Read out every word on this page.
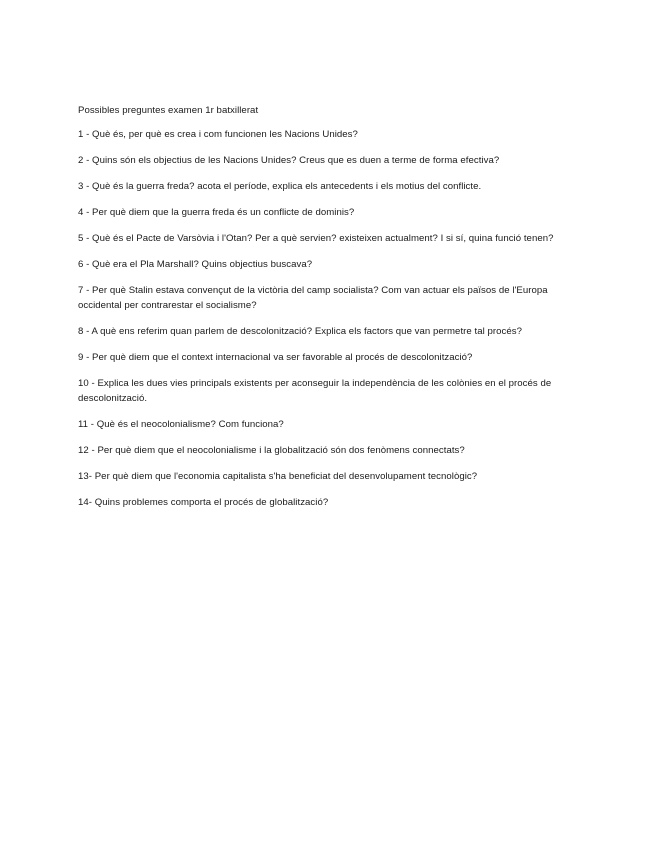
Possibles preguntes examen 1r batxillerat

1 - Què és, per què es crea i com funcionen les Nacions Unides?
2 - Quins són els objectius de les Nacions Unides? Creus que es duen a terme de forma efectiva?
3 - Què és la guerra freda? acota el període, explica els antecedents i els motius del conflicte.
4 - Per què diem que la guerra freda és un conflicte de dominis?
5 - Què és el Pacte de Varsòvia i l'Otan? Per a què servien? existeixen actualment? I si sí, quina funció tenen?
6 - Què era el Pla Marshall? Quins objectius buscava?
7 - Per què Stalin estava convençut de la victòria del camp socialista? Com van actuar els països de l'Europa occidental per contrarestar el socialisme?
8 - A què ens referim quan parlem de descolonització? Explica els factors que van permetre tal procés?
9 - Per què diem que el context internacional va ser favorable al procés de descolonització?
10 - Explica les dues vies principals existents per aconseguir la independència de les colònies en el procés de descolonització.
11 - Què és el neocolonialisme? Com funciona?
12 - Per què diem que el neocolonialisme i la globalització són dos fenòmens connectats?
13- Per què diem que l'economia capitalista s'ha beneficiat del desenvolupament tecnològic?
14- Quins problemes comporta el procés de globalització?
